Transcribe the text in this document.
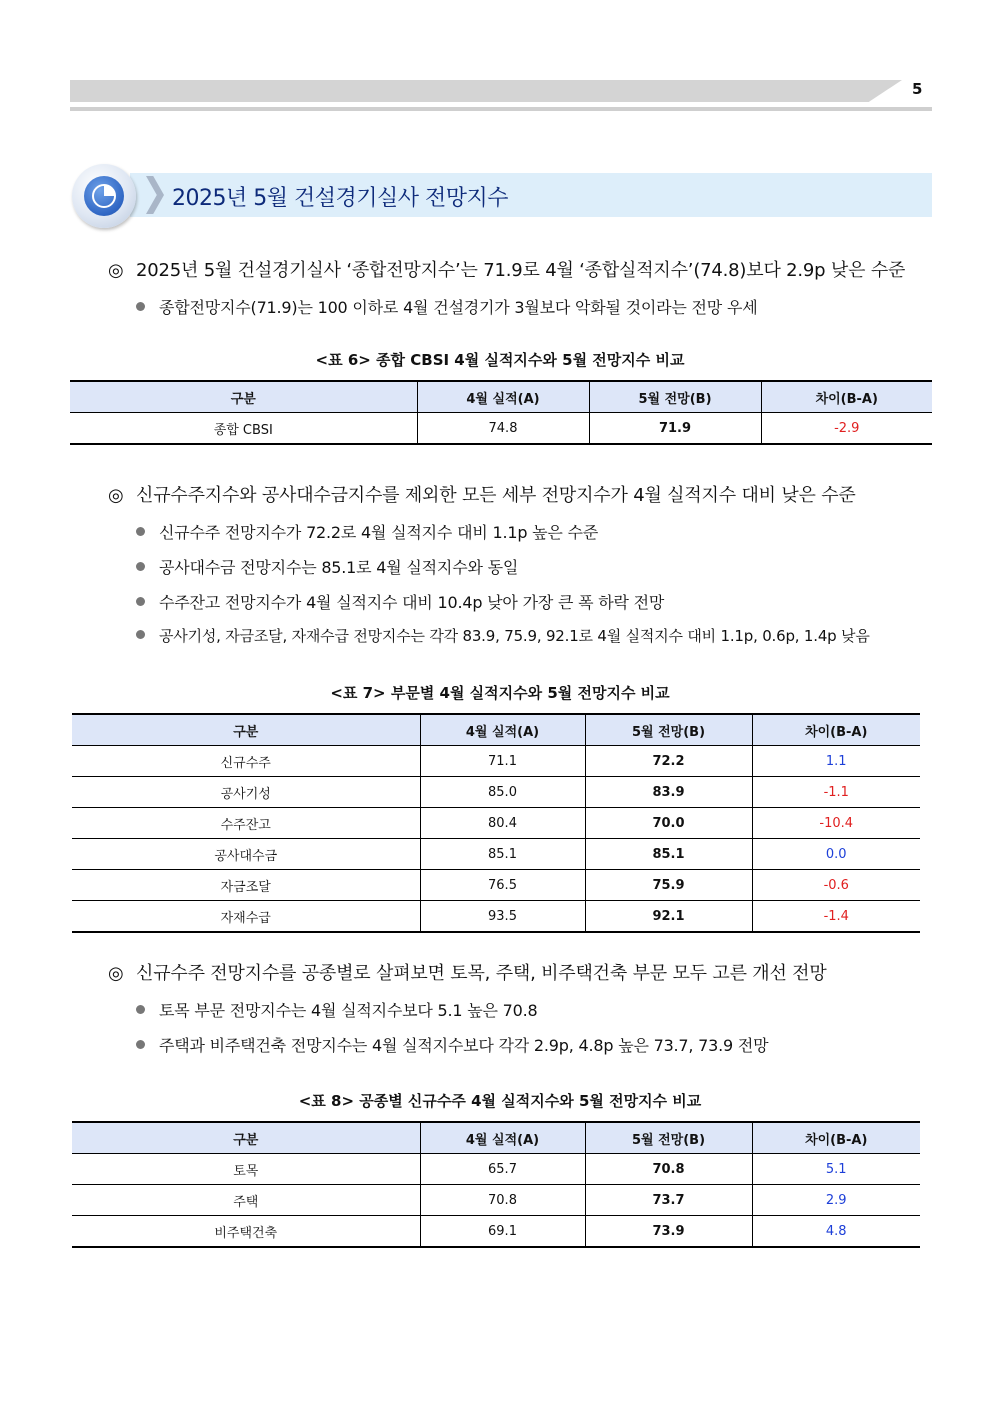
5
2025년 5월 건설경기실사 전망지수
◎ 2025년 5월 건설경기실사 ‘종합전망지수’는 71.9로 4월 ‘종합실적지수’(74.8)보다 2.9p 낮은 수준
종합전망지수(71.9)는 100 이하로 4월 건설경기가 3월보다 악화될 것이라는 전망 우세
<표 6> 종합 CBSI 4월 실적지수와 5월 전망지수 비교
구분	4월 실적(A)	5월 전망(B)	차이(B-A)
종합 CBSI	74.8	71.9	-2.9
◎ 신규수주지수와 공사대수금지수를 제외한 모든 세부 전망지수가 4월 실적지수 대비 낮은 수준
신규수주 전망지수가 72.2로 4월 실적지수 대비 1.1p 높은 수준
공사대수금 전망지수는 85.1로 4월 실적지수와 동일
수주잔고 전망지수가 4월 실적지수 대비 10.4p 낮아 가장 큰 폭 하락 전망
공사기성, 자금조달, 자재수급 전망지수는 각각 83.9, 75.9, 92.1로 4월 실적지수 대비 1.1p, 0.6p, 1.4p 낮음
<표 7> 부문별 4월 실적지수와 5월 전망지수 비교
구분	4월 실적(A)	5월 전망(B)	차이(B-A)
신규수주	71.1	72.2	1.1
공사기성	85.0	83.9	-1.1
수주잔고	80.4	70.0	-10.4
공사대수금	85.1	85.1	0.0
자금조달	76.5	75.9	-0.6
자재수급	93.5	92.1	-1.4
◎ 신규수주 전망지수를 공종별로 살펴보면 토목, 주택, 비주택건축 부문 모두 고른 개선 전망
토목 부문 전망지수는 4월 실적지수보다 5.1 높은 70.8
주택과 비주택건축 전망지수는 4월 실적지수보다 각각 2.9p, 4.8p 높은 73.7, 73.9 전망
<표 8> 공종별 신규수주 4월 실적지수와 5월 전망지수 비교
구분	4월 실적(A)	5월 전망(B)	차이(B-A)
토목	65.7	70.8	5.1
주택	70.8	73.7	2.9
비주택건축	69.1	73.9	4.8
